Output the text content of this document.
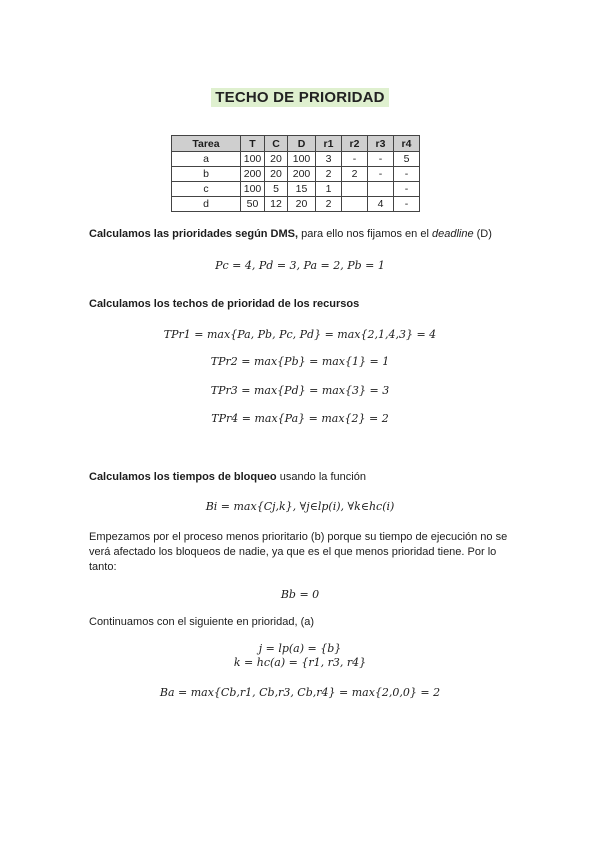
TECHO DE PRIORIDAD
Tarea	T	C	D	r1	r2	r3	r4
a	100	20	100	3	-	-	5
b	200	20	200	2	2	-	-
c	100	5	15	1			-
d	50	12	20	2		4	-
Calculamos las prioridades según DMS, para ello nos fijamos en el deadline (D)
Pc = 4, Pd = 3, Pa = 2, Pb = 1
Calculamos los techos de prioridad de los recursos
TPr1 = max{Pa, Pb, Pc, Pd} = max{2,1,4,3} = 4
TPr2 = max{Pb} = max{1} = 1
TPr3 = max{Pd} = max{3} = 3
TPr4 = max{Pa} = max{2} = 2
Calculamos los tiempos de bloqueo usando la función
Bi = max{Cj,k}, ∀j∈lp(i), ∀k∈hc(i)
Empezamos por el proceso menos prioritario (b) porque su tiempo de ejecución no se verá afectado los bloqueos de nadie, ya que es el que menos prioridad tiene. Por lo tanto:
Bb = 0
Continuamos con el siguiente en prioridad, (a)
j = lp(a) = {b}
k = hc(a) = {r1, r3, r4}
Ba = max{Cb,r1, Cb,r3, Cb,r4} = max{2,0,0} = 2
